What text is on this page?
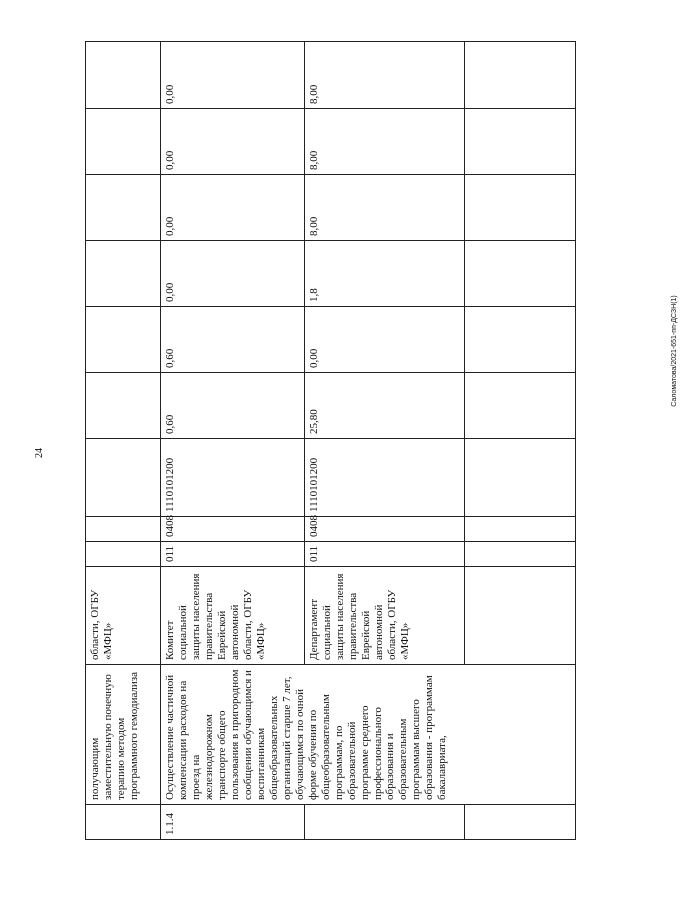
24
Саломатова/2021-651-пп-ДСЗН(1)
	получающим заместительную почечную терапию методом программного гемодиализа	области, ОГБУ «МФЦ»									
1.1.4	Осуществление частичной компенсации расходов на проезд на железнодорожном транспорте общего пользования в пригородном сообщении обучающимся и воспитанникам общеобразовательных организаций старше 7 лет, обучающимся по очной форме обучения по общеобразовательным программам, по образовательной программе среднего профессионального образования и образовательным программам высшего образования - программам бакалавриата,	Комитет социальной защиты населения правительства Еврейской автономной области, ОГБУ «МФЦ»	011	0408	1110101200	0,60	0,60	0,00	0,00	0,00	0,00
		Департамент социальной защиты населения правительства Еврейской автономной области, ОГБУ «МФЦ»	011	0408	1110101200	25,80	0,00	1,8	8,00	8,00	8,00
